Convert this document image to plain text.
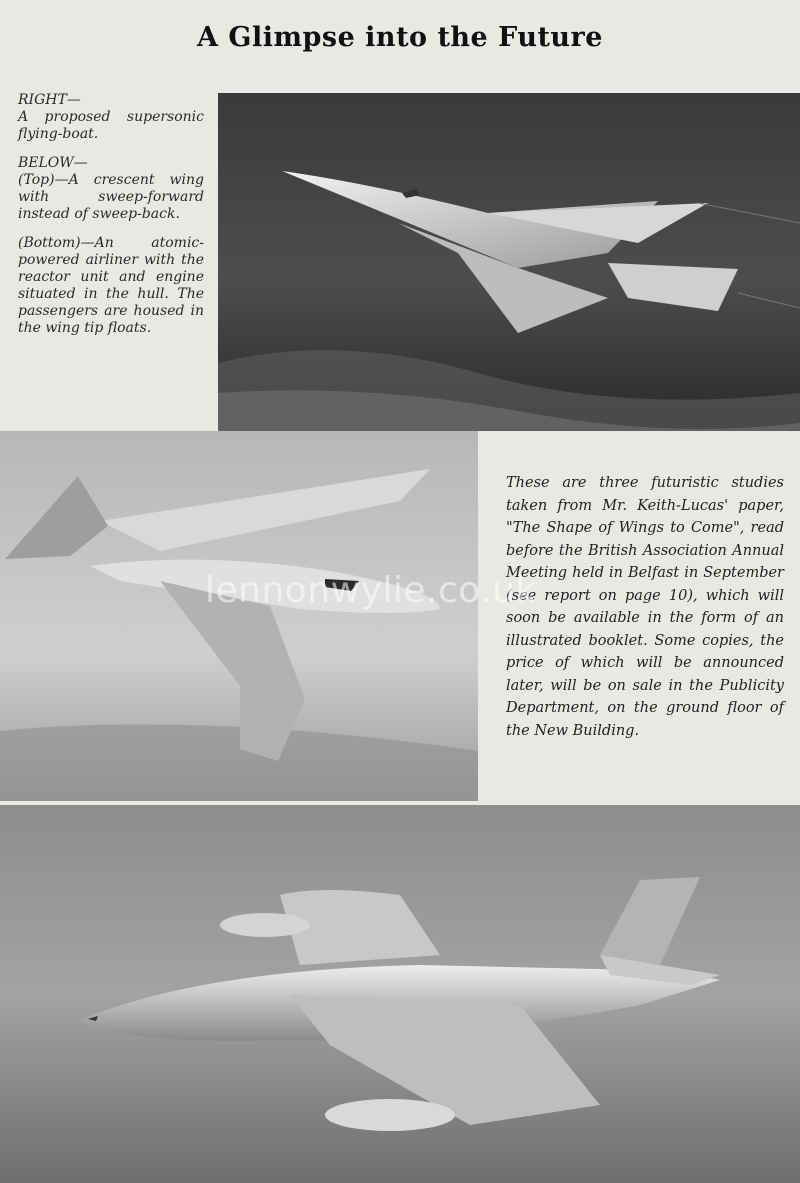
A Glimpse into the Future

RIGHT—

A proposed supersonic flying-boat.

BELOW—

(Top)—A crescent wing with sweep-forward instead of sweep-back.

(Bottom)—An atomic-powered airliner with the reactor unit and engine situated in the hull. The passengers are housed in the wing tip floats.

These are three futuristic studies taken from Mr. Keith-Lucas' paper, "The Shape of Wings to Come", read before the British Association Annual Meeting held in Belfast in September (see report on page 10), which will soon be available in the form of an illustrated booklet. Some copies, the price of which will be announced later, will be on sale in the Publicity Department, on the ground floor of the New Building.
lennonwylie.co.uk
